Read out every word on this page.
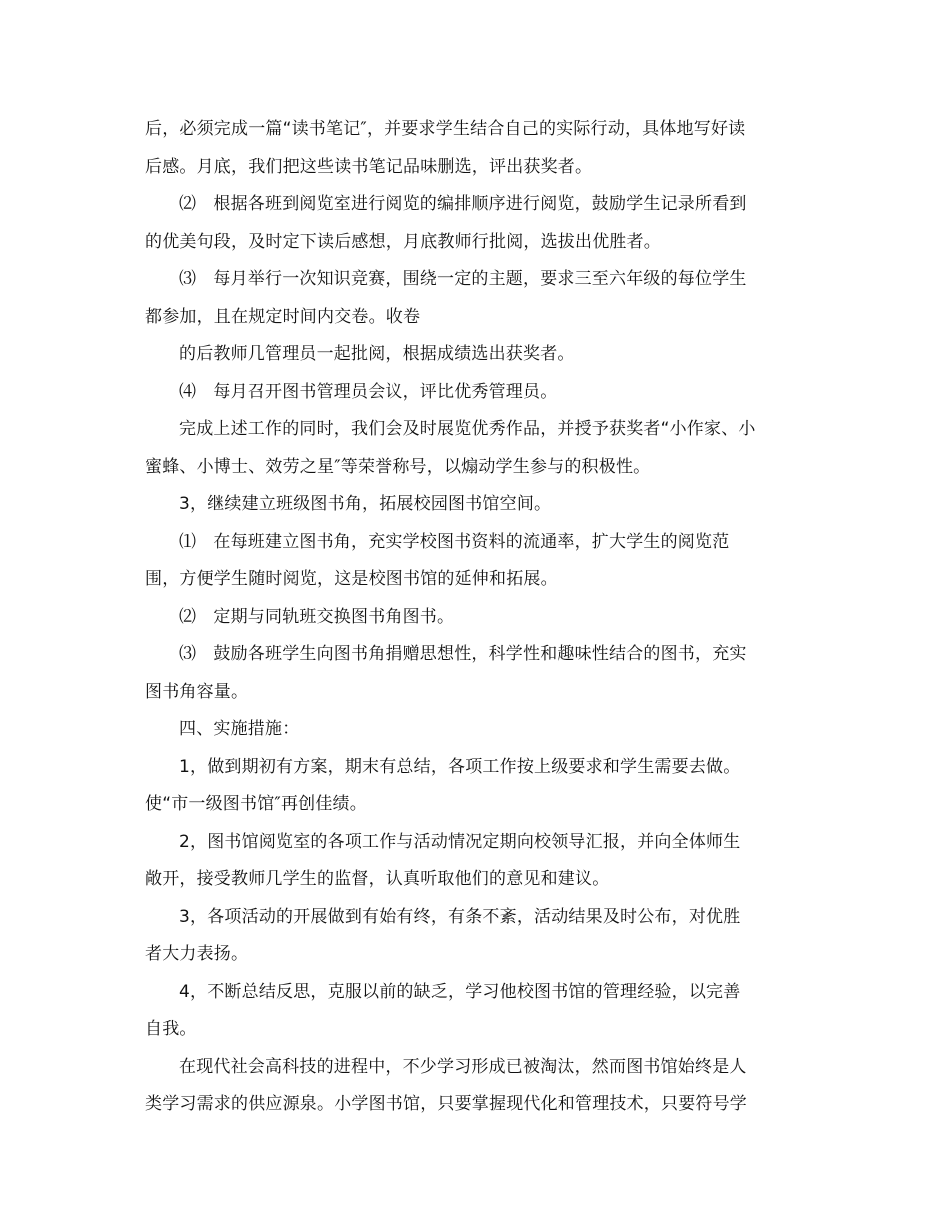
后，必须完成一篇“读书笔记″，并要求学生结合自己的实际行动，具体地写好读
后感。月底，我们把这些读书笔记品味删选，评出获奖者。
⑵　根据各班到阅览室进行阅览的编排顺序进行阅览，鼓励学生记录所看到
的优美句段，及时定下读后感想，月底教师行批阅，选拔出优胜者。
⑶　每月举行一次知识竞赛，围绕一定的主题，要求三至六年级的每位学生
都参加，且在规定时间内交卷。收卷
的后教师几管理员一起批阅，根据成绩选出获奖者。
⑷　每月召开图书管理员会议，评比优秀管理员。
完成上述工作的同时，我们会及时展览优秀作品，并授予获奖者“小作家、小
蜜蜂、小博士、效劳之星″等荣誉称号，以煽动学生参与的积极性。
3，继续建立班级图书角，拓展校园图书馆空间。
⑴　在每班建立图书角，充实学校图书资料的流通率，扩大学生的阅览范
围，方便学生随时阅览，这是校图书馆的延伸和拓展。
⑵　定期与同轨班交换图书角图书。
⑶　鼓励各班学生向图书角捐赠思想性，科学性和趣味性结合的图书，充实
图书角容量。
四、实施措施：
1，做到期初有方案，期末有总结，各项工作按上级要求和学生需要去做。
使“市一级图书馆″再创佳绩。
2，图书馆阅览室的各项工作与活动情况定期向校领导汇报，并向全体师生
敞开，接受教师几学生的监督，认真听取他们的意见和建议。
3，各项活动的开展做到有始有终，有条不紊，活动结果及时公布，对优胜
者大力表扬。
4，不断总结反思，克服以前的缺乏，学习他校图书馆的管理经验，以完善
自我。
在现代社会高科技的进程中，不少学习形成已被淘汰，然而图书馆始终是人
类学习需求的供应源泉。小学图书馆，只要掌握现代化和管理技术，只要符号学
